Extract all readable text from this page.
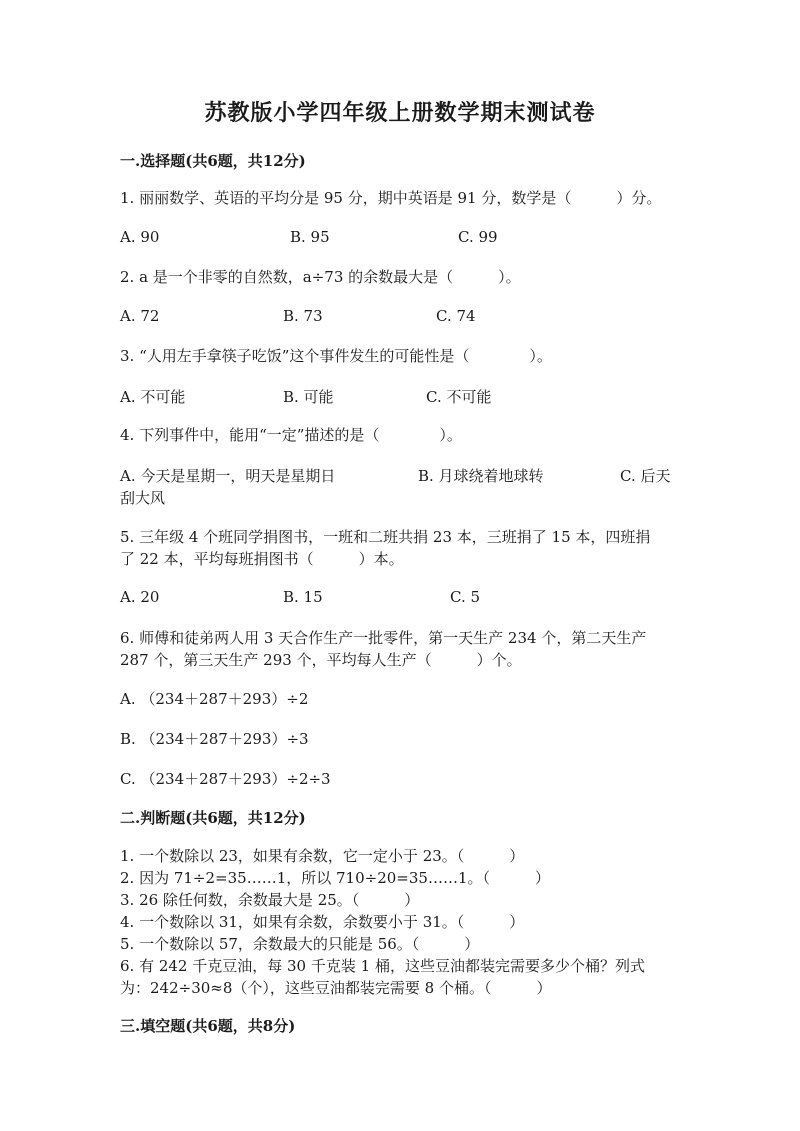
苏教版小学四年级上册数学期末测试卷
一.选择题(共6题，共12分)
1. 丽丽数学、英语的平均分是 95 分，期中英语是 91 分，数学是（　　　）分。
A. 90	B. 95	C. 99
2. a 是一个非零的自然数，a÷73 的余数最大是（　　　）。
A. 72	B. 73	C. 74
3. “人用左手拿筷子吃饭”这个事件发生的可能性是（　　　　）。
A. 不可能	B. 可能	C. 不可能
4. 下列事件中，能用“一定”描述的是（　　　　）。
A. 今天是星期一，明天是星期日	B. 月球绕着地球转	C. 后天
刮大风
5. 三年级 4 个班同学捐图书，一班和二班共捐 23 本，三班捐了 15 本，四班捐
了 22 本，平均每班捐图书（　　　）本。
A. 20	B. 15	C. 5
6. 师傅和徒弟两人用 3 天合作生产一批零件，第一天生产 234 个，第二天生产
287 个，第三天生产 293 个，平均每人生产（　　　）个。
A. （234＋287＋293）÷2
B. （234＋287＋293）÷3
C. （234＋287＋293）÷2÷3
二.判断题(共6题，共12分)
1. 一个数除以 23，如果有余数，它一定小于 23。（　　　）
2. 因为 71÷2=35……1，所以 710÷20=35……1。（　　　）
3. 26 除任何数，余数最大是 25。（　　　）
4. 一个数除以 31，如果有余数，余数要小于 31。（　　　）
5. 一个数除以 57，余数最大的只能是 56。（　　　）
6. 有 242 千克豆油，每 30 千克装 1 桶，这些豆油都装完需要多少个桶？列式
为：242÷30≈8（个），这些豆油都装完需要 8 个桶。（　　　）
三.填空题(共6题，共8分)
